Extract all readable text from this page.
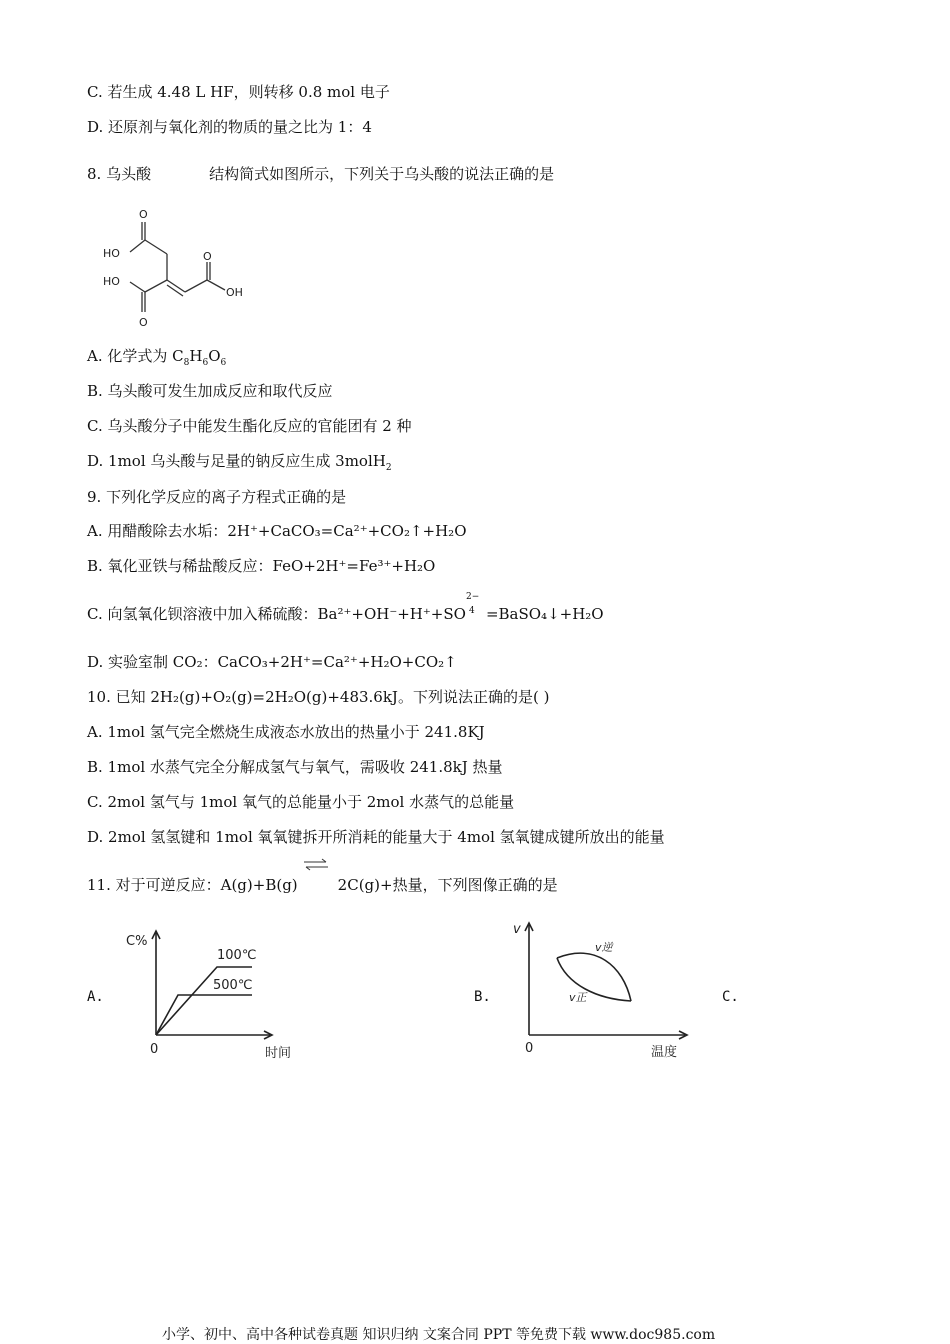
C. 若生成 4.48 L HF，则转移 0.8 mol 电子
D. 还原剂与氧化剂的物质的量之比为 1：4
8. 乌头酸	结构简式如图所示，下列关于乌头酸的说法正确的是
O
HO
HO
O
O
OH
A. 化学式为 $C_8H_6O_6$
B. 乌头酸可发生加成反应和取代反应
C. 乌头酸分子中能发生酯化反应的官能团有 2 种
D. 1mol 乌头酸与足量的钠反应生成 3molH$_2$
9. 下列化学反应的离子方程式正确的是
A. 用醋酸除去水垢：2H⁺+CaCO₃=Ca²⁺+CO₂↑+H₂O
B. 氧化亚铁与稀盐酸反应：FeO+2H⁺=Fe³⁺+H₂O
C. 向氢氧化钡溶液中加入稀硫酸：Ba²⁺+OH⁻+H⁺+SO =BaSO₄↓+H₂O
2−
4
D. 实验室制 CO₂：CaCO₃+2H⁺=Ca²⁺+H₂O+CO₂↑
10. 已知 2H₂(g)+O₂(g)=2H₂O(g)+483.6kJ。下列说法正确的是( )
A. 1mol 氢气完全燃烧生成液态水放出的热量小于 241.8KJ
B. 1mol 水蒸气完全分解成氢气与氧气，需吸收 241.8kJ 热量
C. 2mol 氢气与 1mol 氧气的总能量小于 2mol 水蒸气的总能量
D. 2mol 氢氢键和 1mol 氧氧键拆开所消耗的能量大于 4mol 氢氧键成键所放出的能量
11. 对于可逆反应：A(g)+B(g)	2C(g)+热量，下列图像正确的是
A.	B.	C.
C%
0	时间
100℃
500℃
v
0	温度
v逆
v正
小学、初中、高中各种试卷真题 知识归纳 文案合同 PPT 等免费下载 www.doc985.com
